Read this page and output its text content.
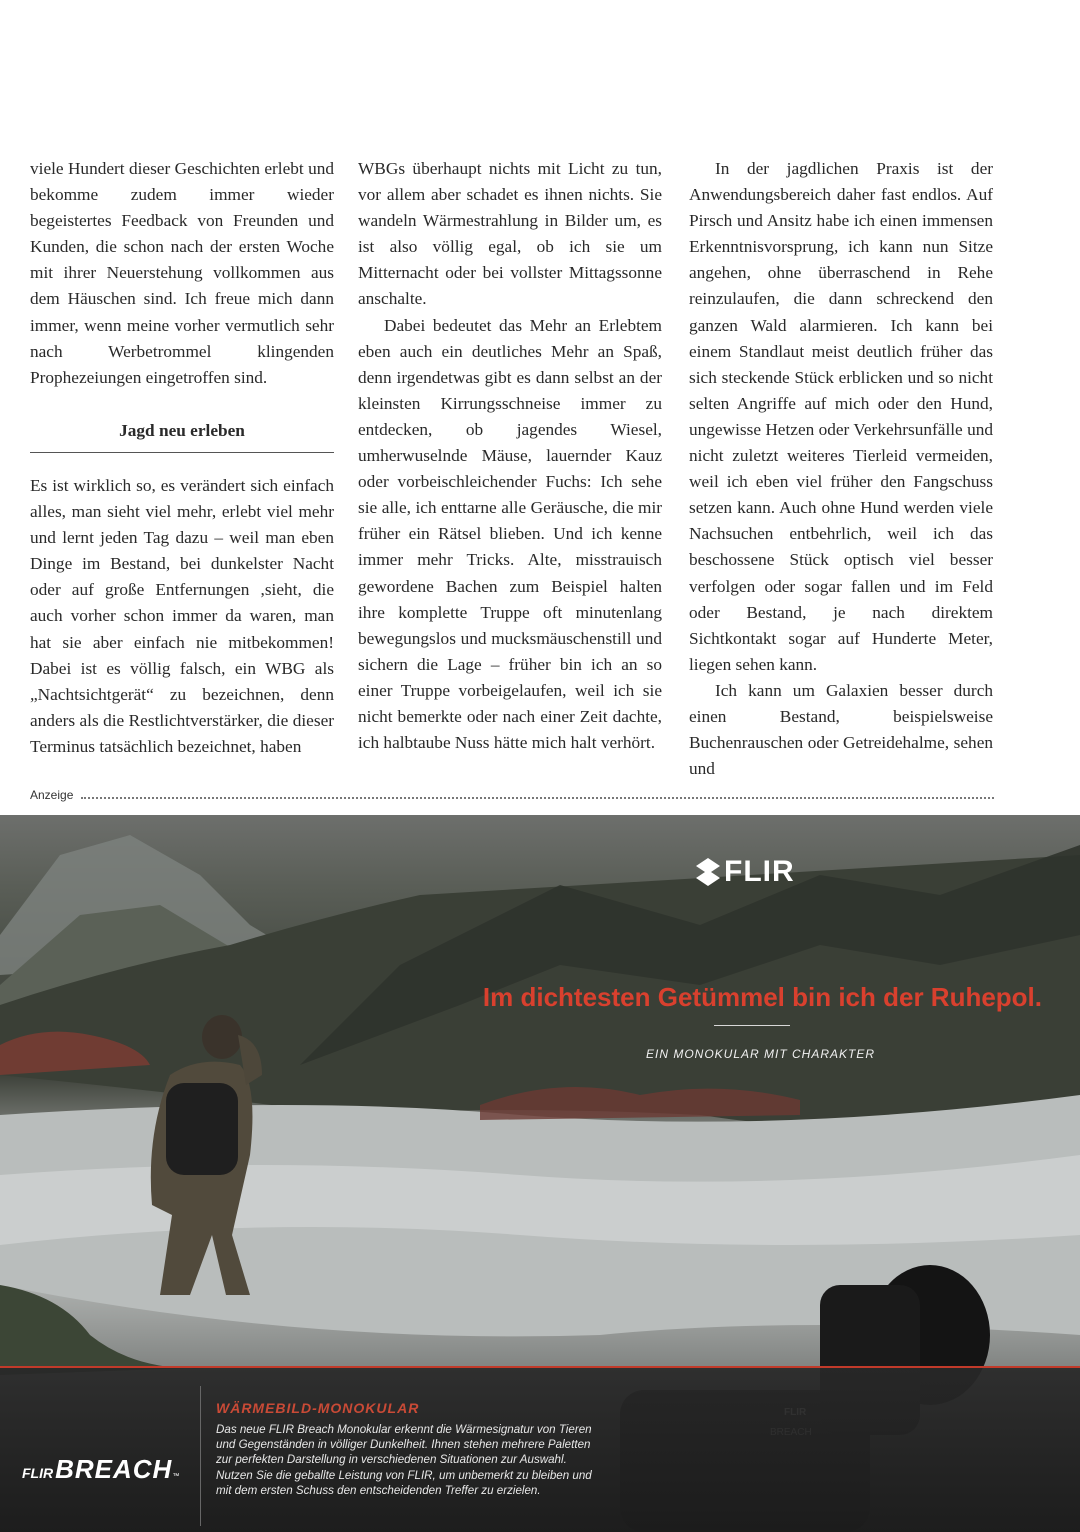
viele Hundert dieser Geschichten erlebt und bekomme zudem immer wieder begeistertes Feedback von Freunden und Kunden, die schon nach der ersten Woche mit ihrer Neuerstehung vollkommen aus dem Häuschen sind. Ich freue mich dann immer, wenn meine vorher vermutlich sehr nach Werbetrommel klingenden Prophezeiungen eingetroffen sind.

Jagd neu erleben

Es ist wirklich so, es verändert sich einfach alles, man sieht viel mehr, erlebt viel mehr und lernt jeden Tag dazu – weil man eben Dinge im Bestand, bei dunkelster Nacht oder auf große Entfernungen ,sieht, die auch vorher schon immer da waren, man hat sie aber einfach nie mitbekommen! Dabei ist es völlig falsch, ein WBG als „Nachtsichtgerät“ zu bezeichnen, denn anders als die Restlichtverstärker, die dieser Terminus tatsächlich bezeichnet, haben

WBGs überhaupt nichts mit Licht zu tun, vor allem aber schadet es ihnen nichts. Sie wandeln Wärmestrahlung in Bilder um, es ist also völlig egal, ob ich sie um Mitternacht oder bei vollster Mittagssonne anschalte.

Dabei bedeutet das Mehr an Erlebtem eben auch ein deutliches Mehr an Spaß, denn irgendetwas gibt es dann selbst an der kleinsten Kirrungsschneise immer zu entdecken, ob jagendes Wiesel, umherwuselnde Mäuse, lauernder Kauz oder vorbeischleichender Fuchs: Ich sehe sie alle, ich enttarne alle Geräusche, die mir früher ein Rätsel blieben. Und ich kenne immer mehr Tricks. Alte, misstrauisch gewordene Bachen zum Beispiel halten ihre komplette Truppe oft minutenlang bewegungslos und mucksmäuschenstill und sichern die Lage – früher bin ich an so einer Truppe vorbeigelaufen, weil ich sie nicht bemerkte oder nach einer Zeit dachte, ich halbtaube Nuss hätte mich halt verhört.

In der jagdlichen Praxis ist der Anwendungsbereich daher fast endlos. Auf Pirsch und Ansitz habe ich einen immensen Erkenntnisvorsprung, ich kann nun Sitze angehen, ohne überraschend in Rehe reinzulaufen, die dann schreckend den ganzen Wald alarmieren. Ich kann bei einem Standlaut meist deutlich früher das sich steckende Stück erblicken und so nicht selten Angriffe auf mich oder den Hund, ungewisse Hetzen oder Verkehrsunfälle und nicht zuletzt weiteres Tierleid vermeiden, weil ich eben viel früher den Fangschuss setzen kann. Auch ohne Hund werden viele Nachsuchen entbehrlich, weil ich das beschossene Stück optisch viel besser verfolgen oder sogar fallen und im Feld oder Bestand, je nach direktem Sichtkontakt sogar auf Hunderte Meter, liegen sehen kann.

Ich kann um Galaxien besser durch einen Bestand, beispielsweise Buchenrauschen oder Getreidehalme, sehen und

Anzeige
FLIR
Im dichtesten Getümmel bin ich der Ruhepol.
EIN MONOKULAR MIT CHARAKTER
FLIR BREACH ™
WÄRMEBILD-MONOKULAR
Das neue FLIR Breach Monokular erkennt die Wärmesignatur von Tieren und Gegenständen in völliger Dunkelheit. Ihnen stehen mehrere Paletten zur perfekten Darstellung in verschiedenen Situationen zur Auswahl. Nutzen Sie die geballte Leistung von FLIR, um unbemerkt zu bleiben und mit dem ersten Schuss den entscheidenden Treffer zu erzielen.
